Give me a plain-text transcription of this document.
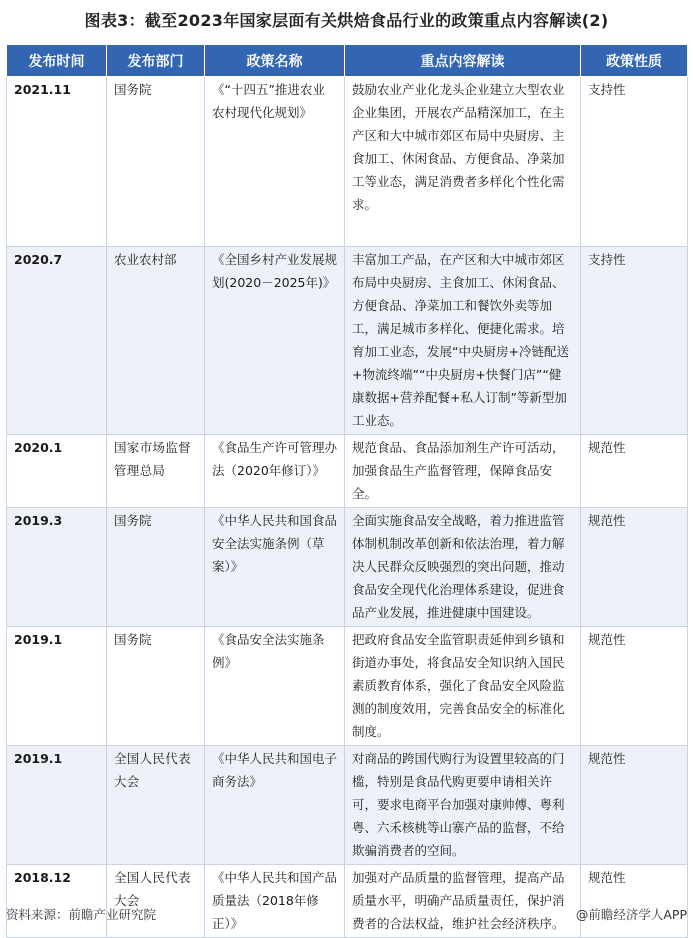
图表3：截至2023年国家层面有关烘焙食品行业的政策重点内容解读(2)
发布时间	发布部门	政策名称	重点内容解读	政策性质
2021.11	国务院	《“十四五”推进农业农村现代化规划》	鼓励农业产业化龙头企业建立大型农业企业集团，开展农产品精深加工，在主产区和大中城市郊区布局中央厨房、主食加工、休闲食品、方便食品、净菜加工等业态，满足消费者多样化个性化需求。	支持性
2020.7	农业农村部	《全国乡村产业发展规划(2020－2025年)》	丰富加工产品，在产区和大中城市郊区布局中央厨房、主食加工、休闲食品、方便食品、净菜加工和餐饮外卖等加工，满足城市多样化、便捷化需求。培育加工业态，发展“中央厨房+冷链配送+物流终端”“中央厨房+快餐门店”“健康数据+营养配餐+私人订制”等新型加工业态。	支持性
2020.1	国家市场监督管理总局	《食品生产许可管理办法（2020年修订）》	规范食品、食品添加剂生产许可活动，加强食品生产监督管理，保障食品安全。	规范性
2019.3	国务院	《中华人民共和国食品安全法实施条例（草案）》	全面实施食品安全战略，着力推进监管体制机制改革创新和依法治理，着力解决人民群众反映强烈的突出问题，推动食品安全现代化治理体系建设，促进食品产业发展，推进健康中国建设。	规范性
2019.1	国务院	《食品安全法实施条例》	把政府食品安全监管职责延伸到乡镇和街道办事处，将食品安全知识纳入国民素质教育体系，强化了食品安全风险监测的制度效用，完善食品安全的标准化制度。	规范性
2019.1	全国人民代表大会	《中华人民共和国电子商务法》	对商品的跨国代购行为设置里较高的门槛，特别是食品代购更要申请相关许可，要求电商平台加强对康帅傅、粤利粤、六禾核桃等山寨产品的监督，不给欺骗消费者的空间。	规范性
2018.12	全国人民代表大会	《中华人民共和国产品质量法（2018年修正）》	加强对产品质量的监督管理，提高产品质量水平，明确产品质量责任，保护消费者的合法权益，维护社会经济秩序。	规范性
资料来源：前瞻产业研究院	@前瞻经济学人APP
